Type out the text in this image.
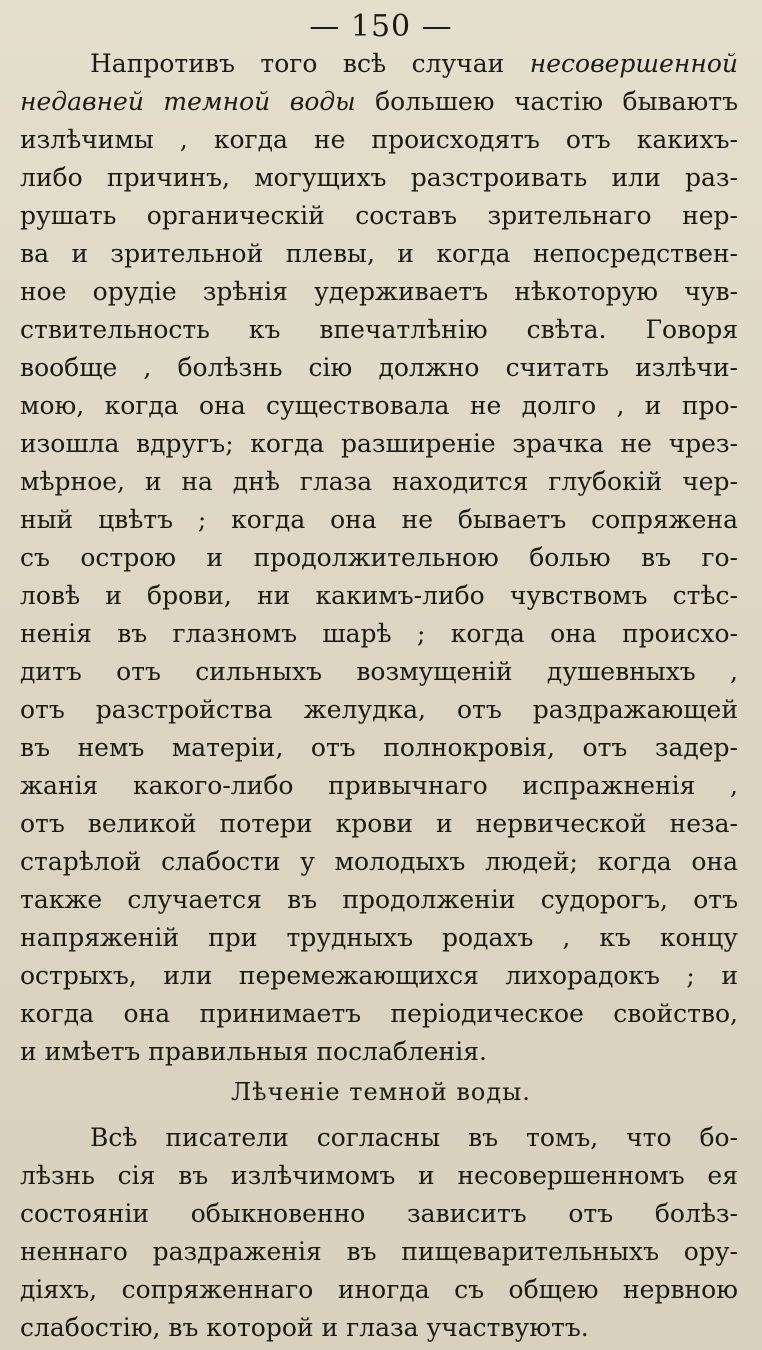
— 150 —
Напротивъ того всѣ случаи несовершенной
недавней темной воды большею частію бываютъ
излѣчимы , когда не происходятъ отъ какихъ-
либо причинъ, могущихъ разстроивать или раз-
рушать органическій составъ зрительнаго нер-
ва и зрительной плевы, и когда непосредствен-
ное орудіе зрѣнія удерживаетъ нѣкоторую чув-
ствительность къ впечатлѣнію свѣта. Говоря
вообще , болѣзнь сію должно считать излѣчи-
мою, когда она существовала не долго , и про-
изошла вдругъ; когда разширеніе зрачка не чрез-
мѣрное, и на днѣ глаза находится глубокій чер-
ный цвѣтъ ; когда она не бываетъ сопряжена
съ острою и продолжительною болью въ го-
ловѣ и брови, ни какимъ-либо чувствомъ стѣс-
ненія въ глазномъ шарѣ ; когда она происхо-
дитъ отъ сильныхъ возмущеній душевныхъ ,
отъ разстройства желудка, отъ раздражающей
въ немъ матеріи, отъ полнокровія, отъ задер-
жанія какого-либо привычнаго испражненія ,
отъ великой потери крови и нервической неза-
старѣлой слабости у молодыхъ людей; когда она
также случается въ продолженіи судорогъ, отъ
напряженій при трудныхъ родахъ , къ концу
острыхъ, или перемежающихся лихорадокъ ; и
когда она принимаетъ періодическое свойство,
и имѣетъ правильныя послабленія.
Лѣченіе темной воды.
Всѣ писатели согласны въ томъ, что бо-
лѣзнь сія въ излѣчимомъ и несовершенномъ ея
состояніи обыкновенно зависитъ отъ болѣз-
неннаго раздраженія въ пищеварительныхъ ору-
діяхъ, сопряженнаго иногда съ общею нервною
слабостію, въ которой и глаза участвуютъ.
